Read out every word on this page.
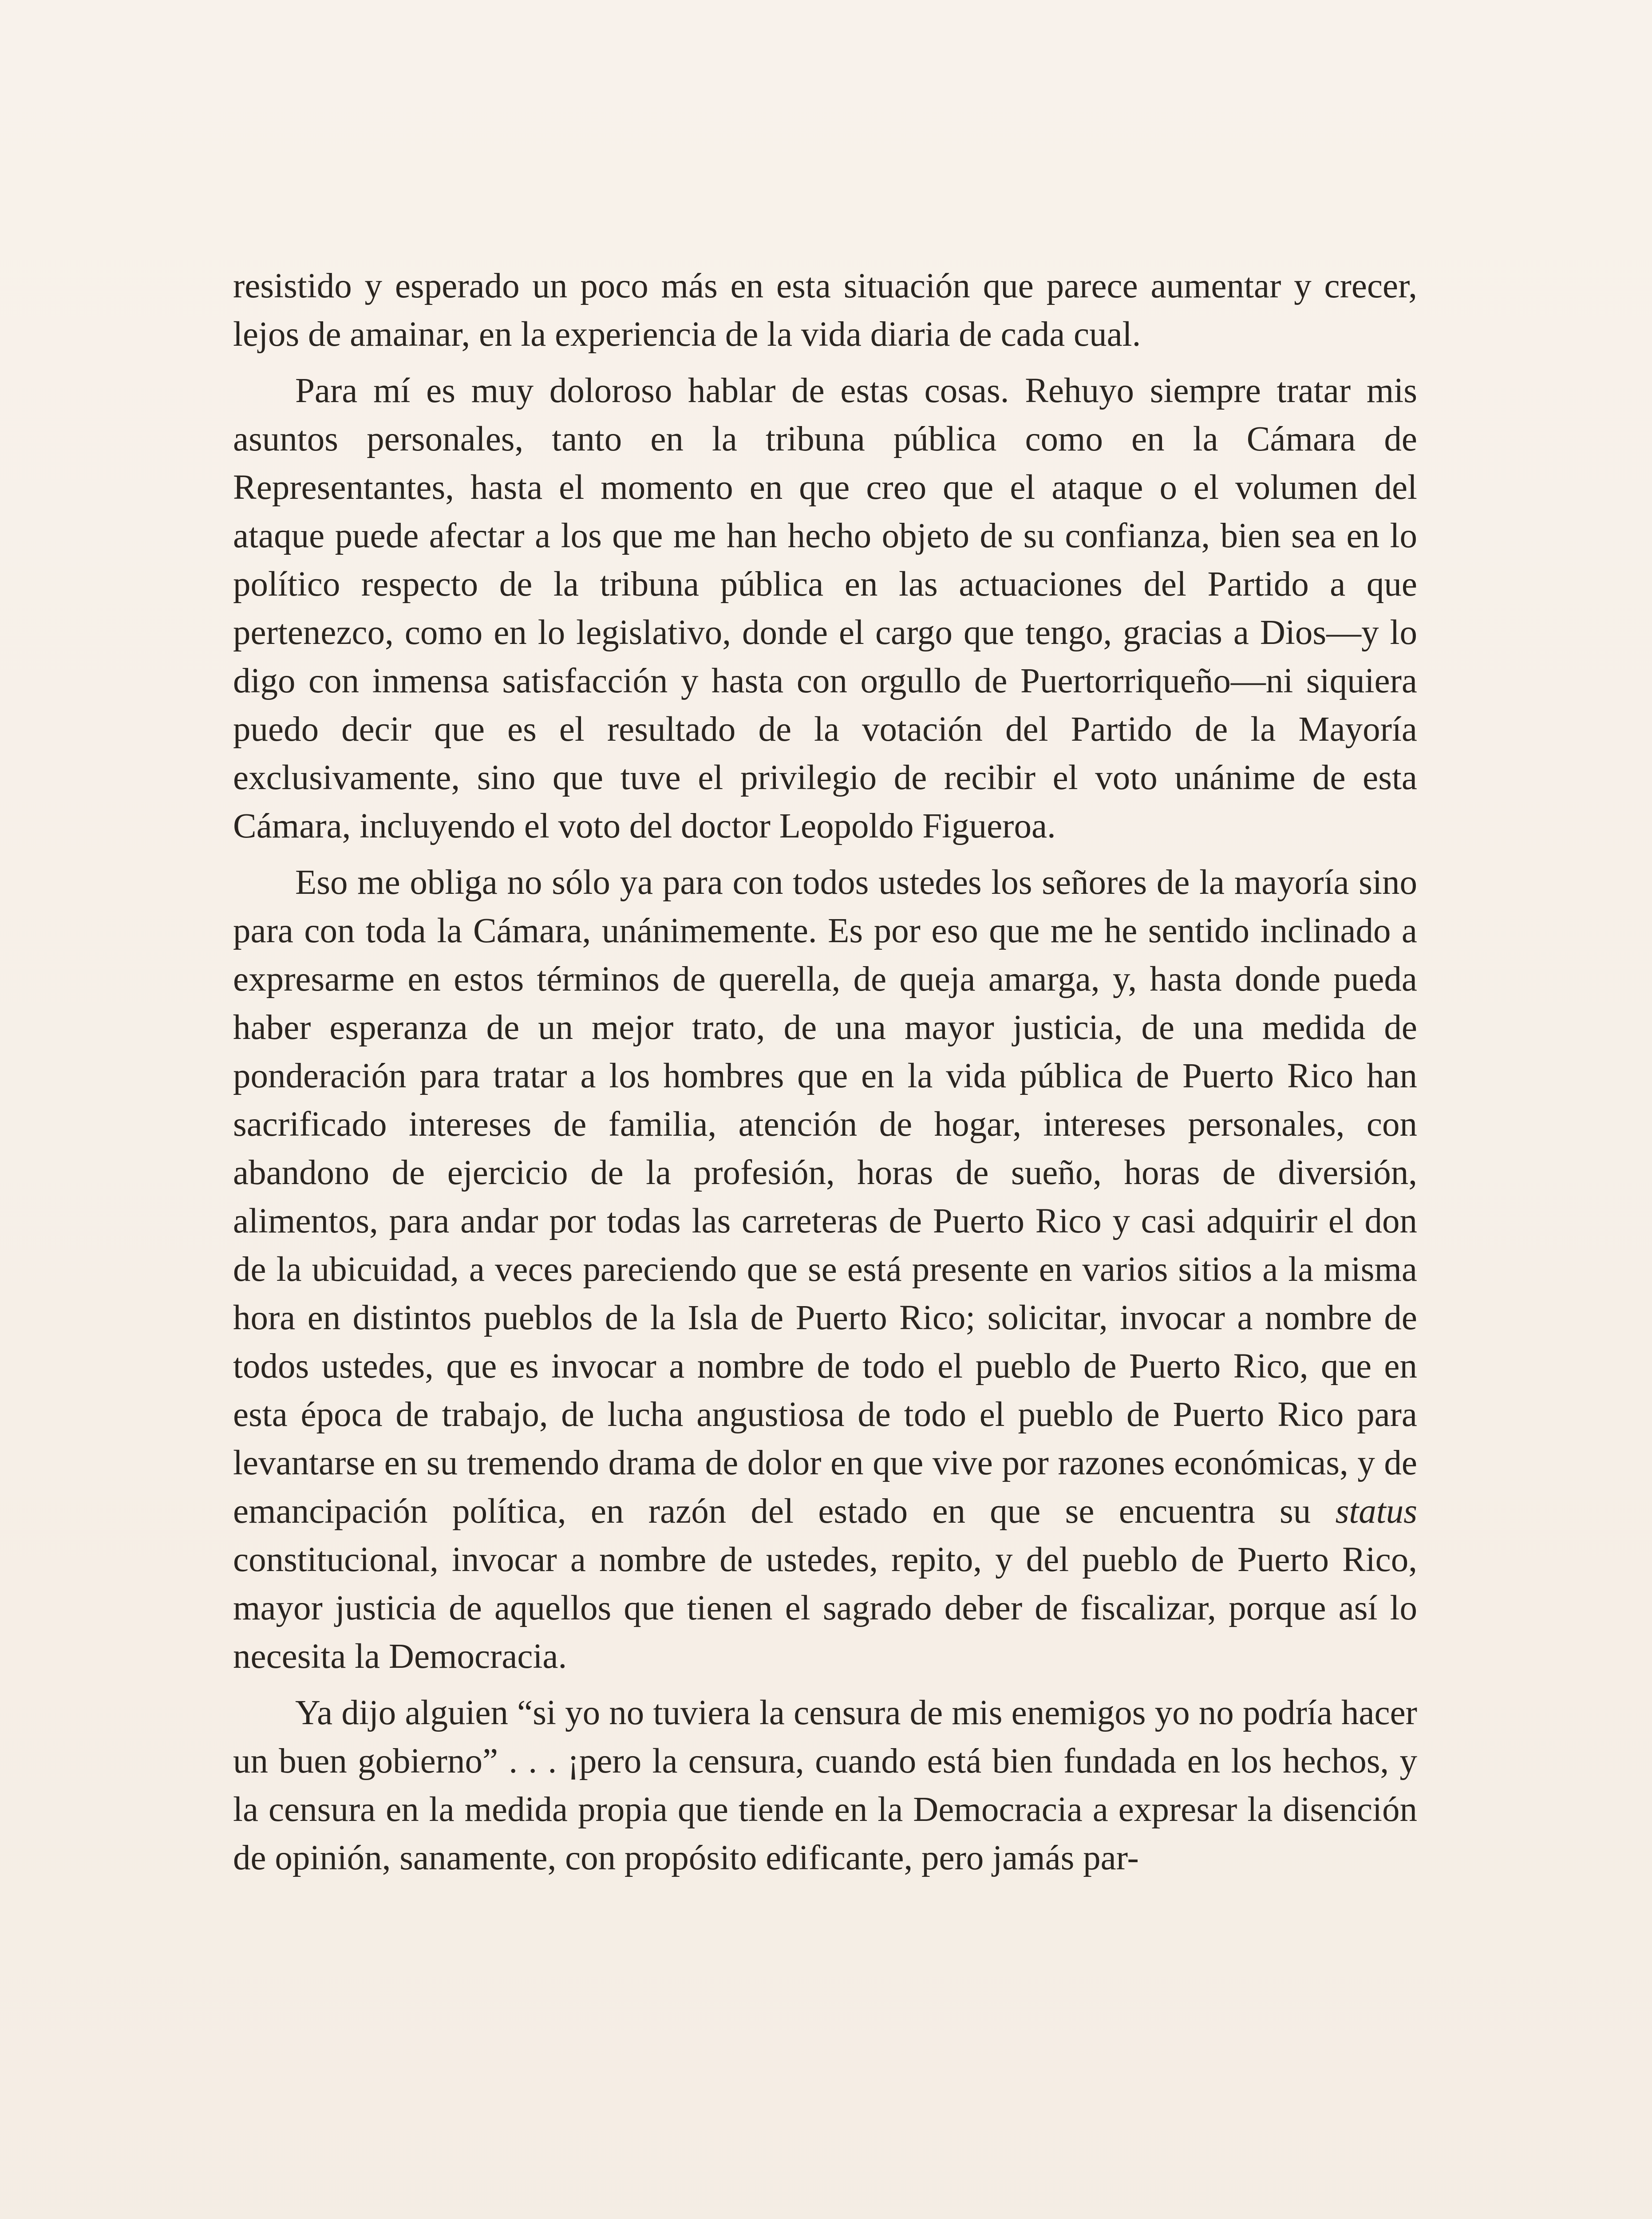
resistido y esperado un poco más en esta situación que parece aumentar y crecer, lejos de amainar, en la experiencia de la vida diaria de cada cual.

Para mí es muy doloroso hablar de estas cosas. Rehuyo siempre tratar mis asuntos personales, tanto en la tribuna pública como en la Cámara de Representantes, hasta el momento en que creo que el ataque o el volumen del ataque puede afectar a los que me han hecho objeto de su confianza, bien sea en lo político respecto de la tribuna pública en las actuaciones del Partido a que pertenezco, como en lo legislativo, donde el cargo que tengo, gracias a Dios—y lo digo con inmensa satisfacción y hasta con orgullo de Puertorriqueño—ni siquiera puedo decir que es el resultado de la votación del Partido de la Mayoría exclusivamente, sino que tuve el privilegio de recibir el voto unánime de esta Cámara, incluyendo el voto del doctor Leopoldo Figueroa.

Eso me obliga no sólo ya para con todos ustedes los señores de la mayoría sino para con toda la Cámara, unánimemente. Es por eso que me he sentido inclinado a expresarme en estos términos de querella, de queja amarga, y, hasta donde pueda haber esperanza de un mejor trato, de una mayor justicia, de una medida de ponderación para tratar a los hombres que en la vida pública de Puerto Rico han sacrificado intereses de familia, atención de hogar, intereses personales, con abandono de ejercicio de la profesión, horas de sueño, horas de diversión, alimentos, para andar por todas las carreteras de Puerto Rico y casi adquirir el don de la ubicuidad, a veces pareciendo que se está presente en varios sitios a la misma hora en distintos pueblos de la Isla de Puerto Rico; solicitar, invocar a nombre de todos ustedes, que es invocar a nombre de todo el pueblo de Puerto Rico, que en esta época de trabajo, de lucha angustiosa de todo el pueblo de Puerto Rico para levantarse en su tremendo drama de dolor en que vive por razones económicas, y de emancipación política, en razón del estado en que se encuentra su status constitucional, invocar a nombre de ustedes, repito, y del pueblo de Puerto Rico, mayor justicia de aquellos que tienen el sagrado deber de fiscalizar, porque así lo necesita la Democracia.

Ya dijo alguien “si yo no tuviera la censura de mis enemigos yo no podría hacer un buen gobierno” . . . ¡pero la censura, cuando está bien fundada en los hechos, y la censura en la medida propia que tiende en la Democracia a expresar la disención de opinión, sanamente, con propósito edificante, pero jamás par-
